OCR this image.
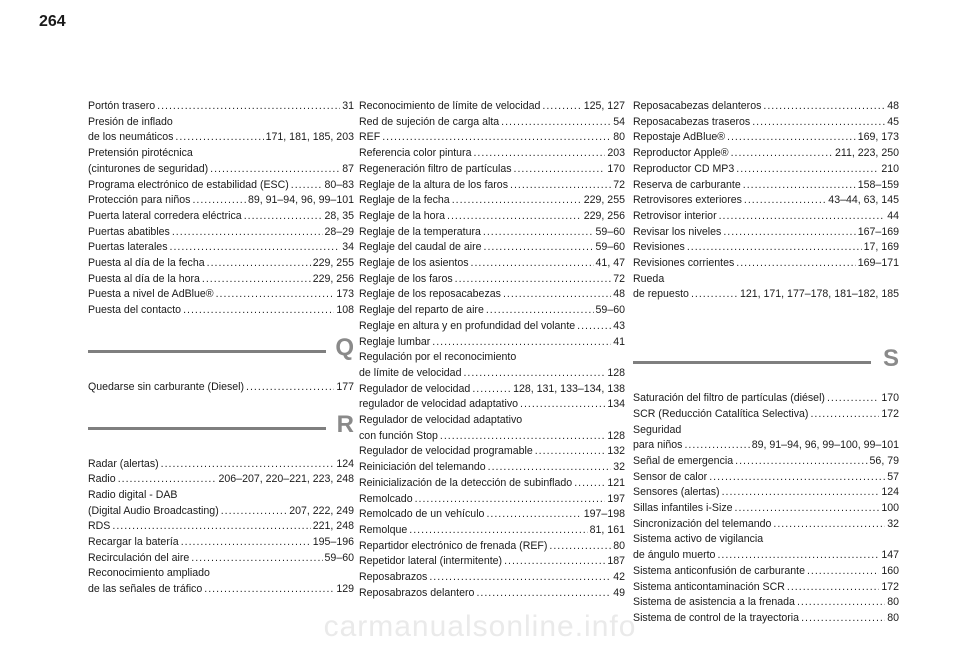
264
Portón trasero .....	31
Presión de inflado
de los neumáticos .....	171, 181, 185, 203
Pretensión pirotécnica
(cinturones de seguridad) .....	87
Programa electrónico de estabilidad (ESC) .....	80–83
Protección para niños .....	89, 91–94, 96, 99–101
Puerta lateral corredera eléctrica .....	28, 35
Puertas abatibles .....	28–29
Puertas laterales .....	34
Puesta al día de la fecha .....	229, 255
Puesta al día de la hora .....	229, 256
Puesta a nivel de AdBlue® .....	173
Puesta del contacto .....	108
Q
Quedarse sin carburante (Diesel) .....	177
R
Radar (alertas) .....	124
Radio .....	206–207, 220–221, 223, 248
Radio digital - DAB
(Digital Audio Broadcasting) .....	207, 222, 249
RDS .....	221, 248
Recargar la batería .....	195–196
Recirculación del aire .....	59–60
Reconocimiento ampliado
de las señales de tráfico .....	129
Reconocimiento de límite de velocidad .....	125, 127
Red de sujeción de carga alta .....	54
REF .....	80
Referencia color pintura .....	203
Regeneración filtro de partículas .....	170
Reglaje de la altura de los faros .....	72
Reglaje de la fecha .....	229, 255
Reglaje de la hora .....	229, 256
Reglaje de la temperatura .....	59–60
Reglaje del caudal de aire .....	59–60
Reglaje de los asientos .....	41, 47
Reglaje de los faros .....	72
Reglaje de los reposacabezas .....	48
Reglaje del reparto de aire .....	59–60
Reglaje en altura y en profundidad del volante .....	43
Reglaje lumbar .....	41
Regulación por el reconocimiento
de límite de velocidad .....	128
Regulador de velocidad .....	128, 131, 133–134, 138
regulador de velocidad adaptativo .....	134
Regulador de velocidad adaptativo
con función Stop .....	128
Regulador de velocidad programable .....	132
Reiniciación del telemando .....	32
Reinicialización de la detección de subinflado .....	121
Remolcado .....	197
Remolcado de un vehículo .....	197–198
Remolque .....	81, 161
Repartidor electrónico de frenada (REF) .....	80
Repetidor lateral (intermitente) .....	187
Reposabrazos .....	42
Reposabrazos delantero .....	49
Reposacabezas delanteros .....	48
Reposacabezas traseros .....	45
Repostaje AdBlue® .....	169, 173
Reproductor Apple® .....	211, 223, 250
Reproductor CD MP3 .....	210
Reserva de carburante .....	158–159
Retrovisores exteriores .....	43–44, 63, 145
Retrovisor interior .....	44
Revisar los niveles .....	167–169
Revisiones .....	17, 169
Revisiones corrientes .....	169–171
Rueda
de repuesto .....	121, 171, 177–178, 181–182, 185
S
Saturación del filtro de partículas (diésel) .....	170
SCR (Reducción Catalítica Selectiva) .....	172
Seguridad
para niños .....	89, 91–94, 96, 99–100, 99–101
Señal de emergencia .....	56, 79
Sensor de calor .....	57
Sensores (alertas) .....	124
Sillas infantiles i-Size .....	100
Sincronización del telemando .....	32
Sistema activo de vigilancia
de ángulo muerto .....	147
Sistema anticonfusión de carburante .....	160
Sistema anticontaminación SCR .....	172
Sistema de asistencia a la frenada .....	80
Sistema de control de la trayectoria .....	80
carmanualsonline.info
